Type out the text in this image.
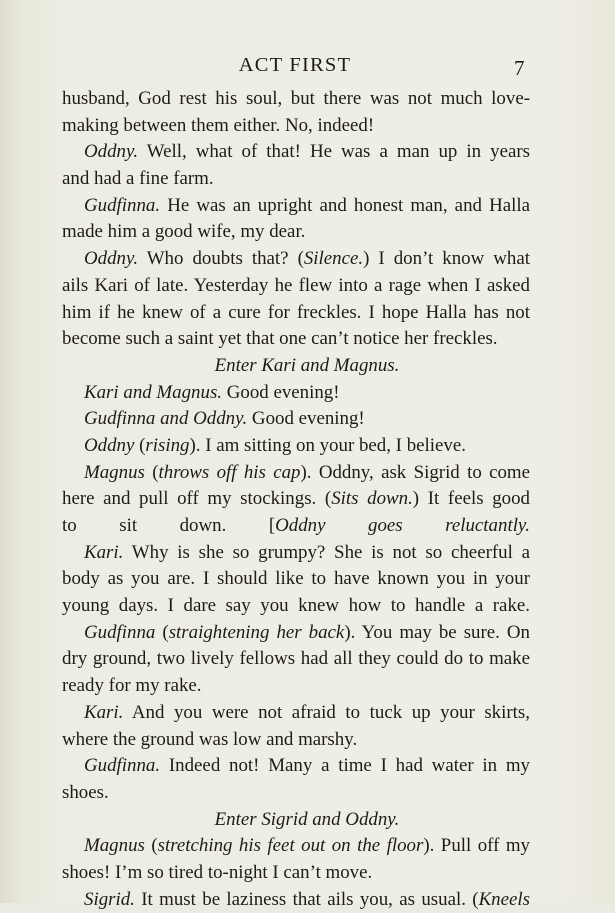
ACT FIRST	7
husband, God rest his soul, but there was not much love-
making between them either. No, indeed!
Oddny. Well, what of that! He was a man up in years
and had a fine farm.
Gudfinna. He was an upright and honest man, and Halla
made him a good wife, my dear.
Oddny. Who doubts that? (Silence.) I don’t know what
ails Kari of late. Yesterday he flew into a rage when I asked
him if he knew of a cure for freckles. I hope Halla has not
become such a saint yet that one can’t notice her freckles.
Enter Kari and Magnus.
Kari and Magnus. Good evening!
Gudfinna and Oddny. Good evening!
Oddny (rising). I am sitting on your bed, I believe.
Magnus (throws off his cap). Oddny, ask Sigrid to come
here and pull off my stockings. (Sits down.) It feels good
to sit down. [Oddny goes reluctantly.
Kari. Why is she so grumpy? She is not so cheerful a
body as you are. I should like to have known you in your
young days. I dare say you knew how to handle a rake.
Gudfinna (straightening her back). You may be sure. On
dry ground, two lively fellows had all they could do to make
ready for my rake.
Kari. And you were not afraid to tuck up your skirts,
where the ground was low and marshy.
Gudfinna. Indeed not! Many a time I had water in my
shoes.
Enter Sigrid and Oddny.
Magnus (stretching his feet out on the floor). Pull off my
shoes! I’m so tired to-night I can’t move.
Sigrid. It must be laziness that ails you, as usual. (Kneels
